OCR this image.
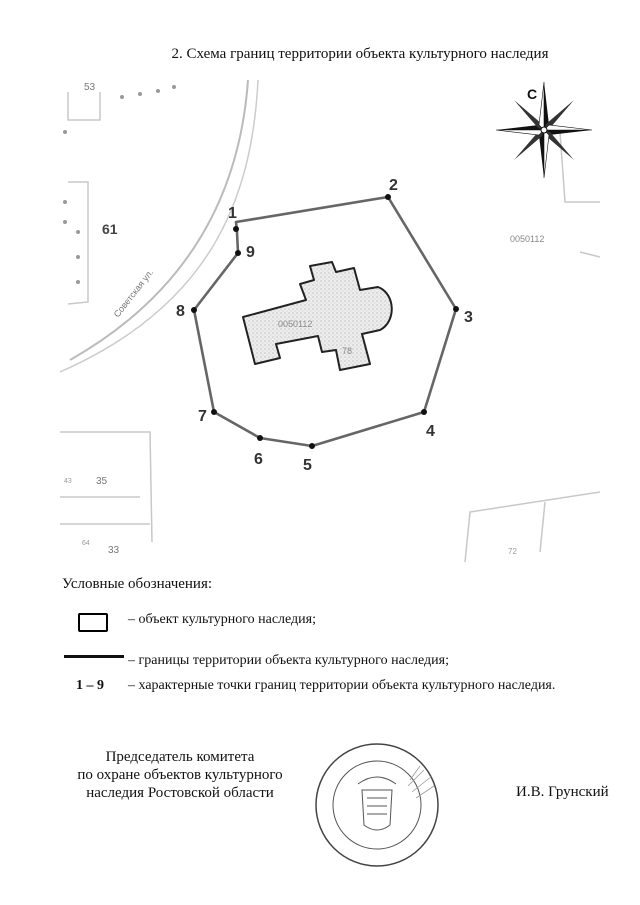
2. Схема границ территории объекта культурного наследия
53
61
35
33	72
43
64
0050112
Советская ул.
С
0050112
78
1
2
3
4
5
6
7
8
9
Условные обозначения:
– объект культурного наследия;
– границы территории объекта культурного наследия;
1 – 9 – характерные точки границ территории объекта культурного наследия.
Председатель комитета
по охране объектов культурного
наследия Ростовской области	И.В. Грунский
